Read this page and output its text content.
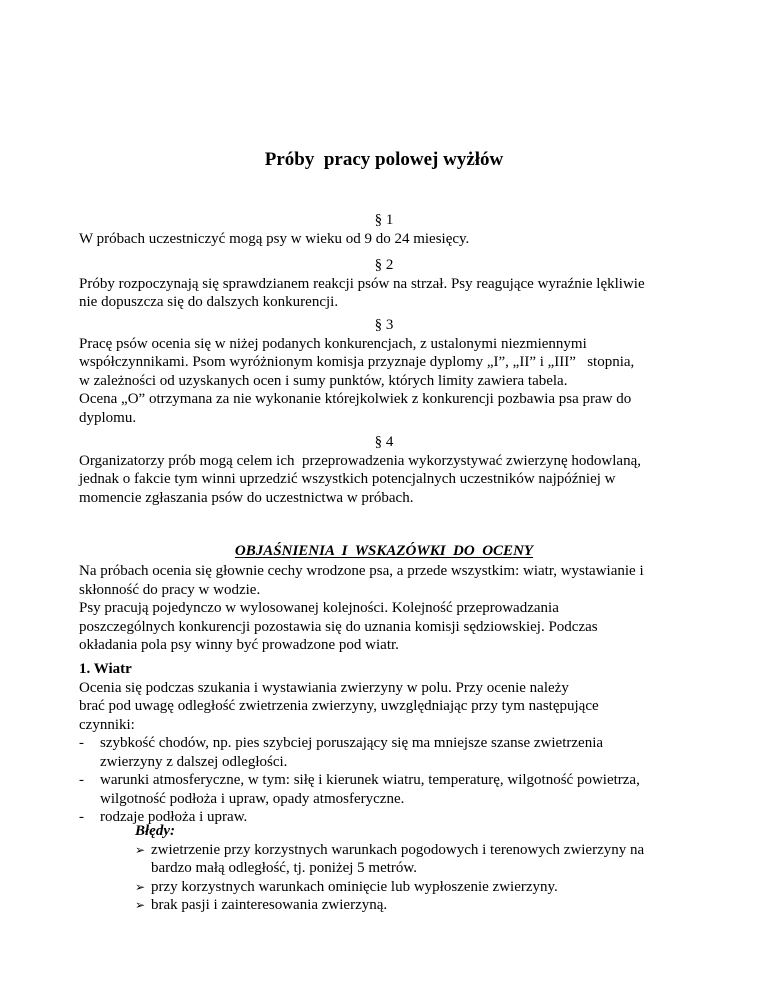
Próby  pracy polowej wyżłów

§ 1

W próbach uczestniczyć mogą psy w wieku od 9 do 24 miesięcy.

§ 2

Próby rozpoczynają się sprawdzianem reakcji psów na strzał. Psy reagujące wyraźnie lękliwie

nie dopuszcza się do dalszych konkurencji.

§ 3

Pracę psów ocenia się w niżej podanych konkurencjach, z ustalonymi niezmiennymi

współczynnikami. Psom wyróżnionym komisja przyznaje dyplomy „I”, „II” i „III”   stopnia,

w zależności od uzyskanych ocen i sumy punktów, których limity zawiera tabela.

Ocena „O” otrzymana za nie wykonanie którejkolwiek z konkurencji pozbawia psa praw do

dyplomu.

§ 4

Organizatorzy prób mogą celem ich  przeprowadzenia wykorzystywać zwierzynę hodowlaną,

jednak o fakcie tym winni uprzedzić wszystkich potencjalnych uczestników najpóźniej w

momencie zgłaszania psów do uczestnictwa w próbach.

OBJAŚNIENIA  I  WSKAZÓWKI  DO  OCENY

Na próbach ocenia się głownie cechy wrodzone psa, a przede wszystkim: wiatr, wystawianie i

skłonność do pracy w wodzie.

Psy pracują pojedynczo w wylosowanej kolejności. Kolejność przeprowadzania

poszczególnych konkurencji pozostawia się do uznania komisji sędziowskiej. Podczas

okładania pola psy winny być prowadzone pod wiatr.

1. Wiatr

Ocenia się podczas szukania i wystawiania zwierzyny w polu. Przy ocenie należy

brać pod uwagę odległość zwietrzenia zwierzyny, uwzględniając przy tym następujące

czynniki:

-	szybkość chodów, np. pies szybciej poruszający się ma mniejsze szanse zwietrzenia

zwierzyny z dalszej odległości.

-	warunki atmosferyczne, w tym: siłę i kierunek wiatru, temperaturę, wilgotność powietrza,

wilgotność podłoża i upraw, opady atmosferyczne.

-	rodzaje podłoża i upraw.

Błędy:

➢ zwietrzenie przy korzystnych warunkach pogodowych i terenowych zwierzyny na

bardzo małą odległość, tj. poniżej 5 metrów.

➢ przy korzystnych warunkach ominięcie lub wypłoszenie zwierzyny.
➢ brak pasji i zainteresowania zwierzyną.
